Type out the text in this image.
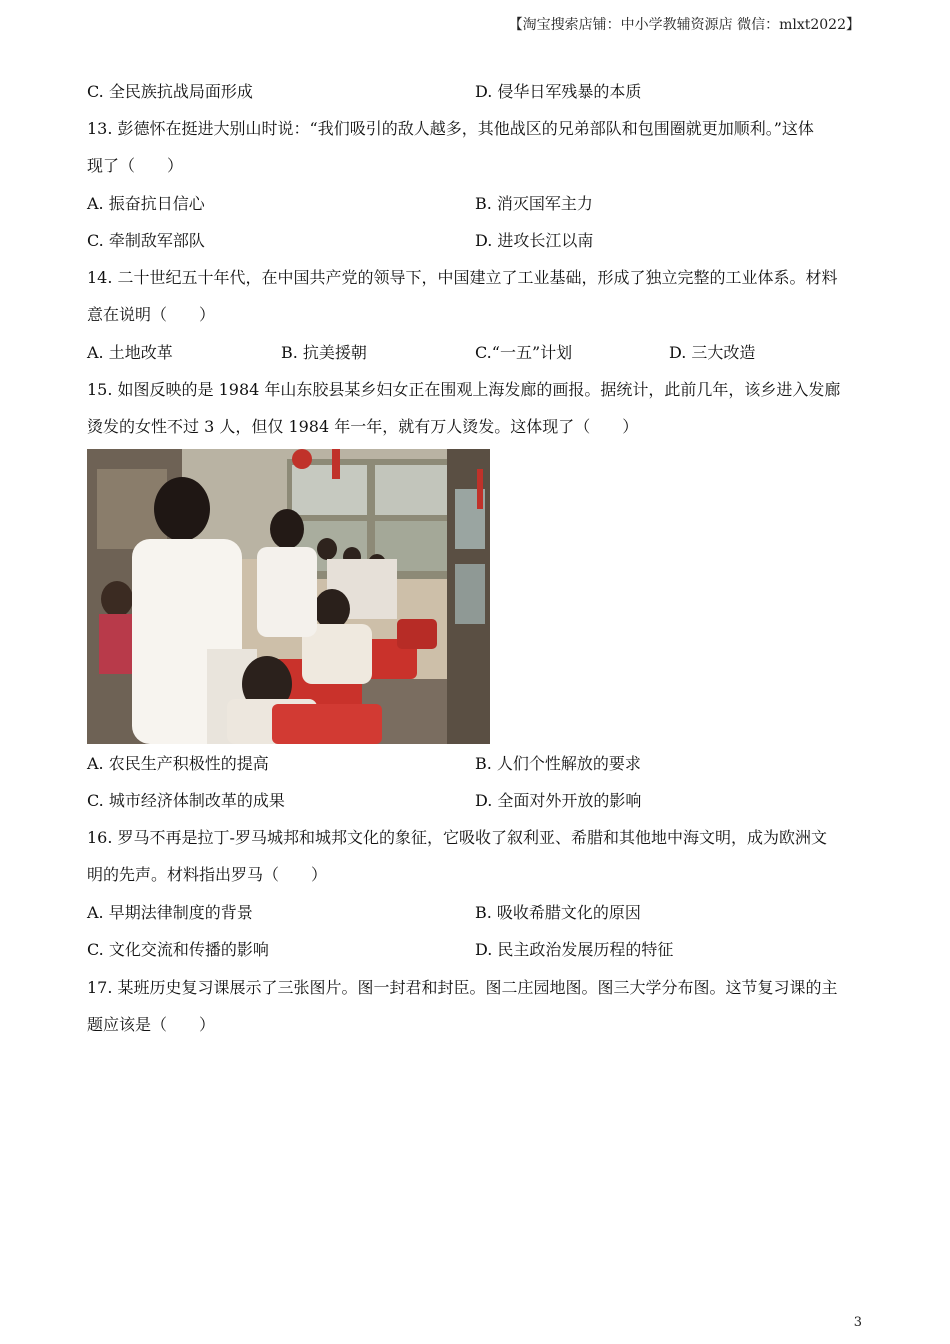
【淘宝搜索店铺：中小学教辅资源店 微信：mlxt2022】
C. 全民族抗战局面形成	D. 侵华日军残暴的本质
13. 彭德怀在挺进大别山时说：“我们吸引的敌人越多，其他战区的兄弟部队和包围圈就更加顺利。”这体
现了（　　）
A. 振奋抗日信心	B. 消灭国军主力
C. 牵制敌军部队	D. 进攻长江以南
14. 二十世纪五十年代，在中国共产党的领导下，中国建立了工业基础，形成了独立完整的工业体系。材料
意在说明（　　）
A. 土地改革	B. 抗美援朝	C.“一五”计划	D. 三大改造
15. 如图反映的是 1984 年山东胶县某乡妇女正在围观上海发廊的画报。据统计，此前几年，该乡进入发廊
烫发的女性不过 3 人，但仅 1984 年一年，就有万人烫发。这体现了（　　）
A. 农民生产积极性的提高	B. 人们个性解放的要求
C. 城市经济体制改革的成果	D. 全面对外开放的影响
16. 罗马不再是拉丁-罗马城邦和城邦文化的象征，它吸收了叙利亚、希腊和其他地中海文明，成为欧洲文
明的先声。材料指出罗马（　　）
A. 早期法律制度的背景	B. 吸收希腊文化的原因
C. 文化交流和传播的影响	D. 民主政治发展历程的特征
17. 某班历史复习课展示了三张图片。图一封君和封臣。图二庄园地图。图三大学分布图。这节复习课的主
题应该是（　　）
3
